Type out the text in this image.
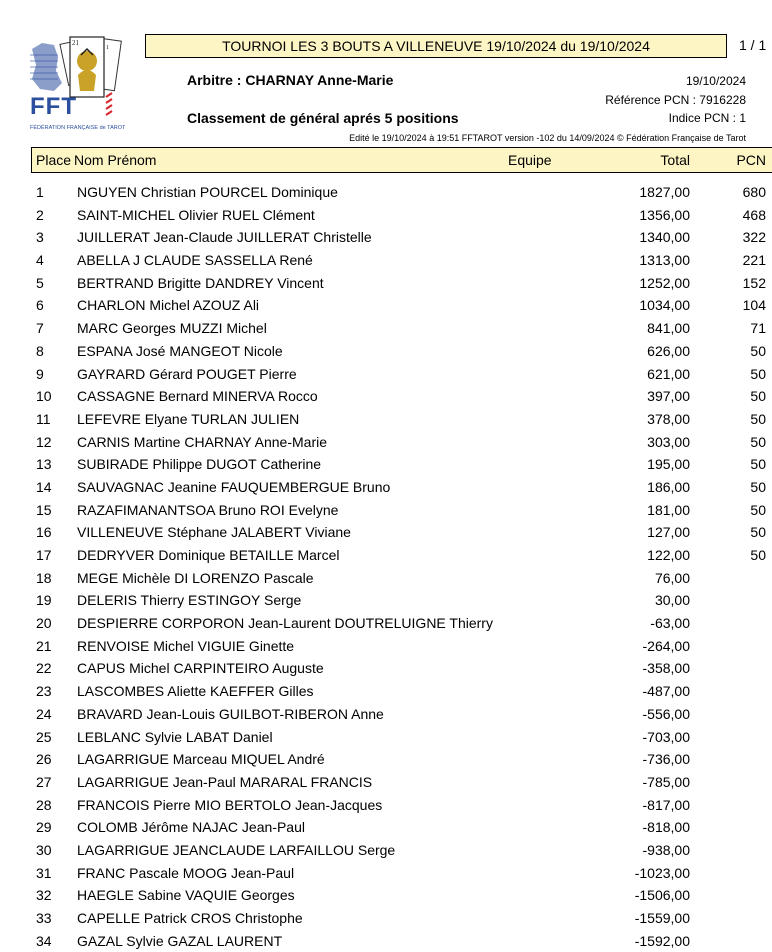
21
1
FFT
FÉDÉRATION FRANÇAISE de TAROT
TOURNOI LES 3 BOUTS A VILLENEUVE 19/10/2024 du 19/10/2024	1 / 1
Arbitre : CHARNAY Anne-Marie	19/10/2024
Référence PCN : 7916228
Classement de général aprés 5 positions	Indice PCN : 1
Edité le 19/10/2024 à 19:51 FFTAROT version -102 du 14/09/2024 © Fédération Française de Tarot
Place Nom Prénom	Equipe	Total	PCN
1 NGUYEN Christian POURCEL Dominique	1827,00	680
2 SAINT-MICHEL Olivier RUEL Clément	1356,00	468
3 JUILLERAT Jean-Claude JUILLERAT Christelle	1340,00	322
4 ABELLA J CLAUDE SASSELLA René	1313,00	221
5 BERTRAND Brigitte DANDREY Vincent	1252,00	152
6 CHARLON Michel AZOUZ Ali	1034,00	104
7 MARC Georges MUZZI Michel	841,00	71
8 ESPANA José MANGEOT Nicole	626,00	50
9 GAYRARD Gérard POUGET Pierre	621,00	50
10 CASSAGNE Bernard MINERVA Rocco	397,00	50
11 LEFEVRE Elyane TURLAN JULIEN	378,00	50
12 CARNIS Martine CHARNAY Anne-Marie	303,00	50
13 SUBIRADE Philippe DUGOT Catherine	195,00	50
14 SAUVAGNAC Jeanine FAUQUEMBERGUE Bruno	186,00	50
15 RAZAFIMANANTSOA Bruno ROI Evelyne	181,00	50
16 VILLENEUVE Stéphane JALABERT Viviane	127,00	50
17 DEDRYVER Dominique BETAILLE Marcel	122,00	50
18 MEGE Michèle DI LORENZO Pascale	76,00
19 DELERIS Thierry ESTINGOY Serge	30,00
20 DESPIERRE CORPORON Jean-Laurent DOUTRELUIGNE Thierry	-63,00
21 RENVOISE Michel VIGUIE Ginette	-264,00
22 CAPUS Michel CARPINTEIRO Auguste	-358,00
23 LASCOMBES Aliette KAEFFER Gilles	-487,00
24 BRAVARD Jean-Louis GUILBOT-RIBERON Anne	-556,00
25 LEBLANC Sylvie LABAT Daniel	-703,00
26 LAGARRIGUE Marceau MIQUEL André	-736,00
27 LAGARRIGUE Jean-Paul MARARAL FRANCIS	-785,00
28 FRANCOIS Pierre MIO BERTOLO Jean-Jacques	-817,00
29 COLOMB Jérôme NAJAC Jean-Paul	-818,00
30 LAGARRIGUE JEANCLAUDE LARFAILLOU Serge	-938,00
31 FRANC Pascale MOOG Jean-Paul	-1023,00
32 HAEGLE Sabine VAQUIE Georges	-1506,00
33 CAPELLE Patrick CROS Christophe	-1559,00
34 GAZAL Sylvie GAZAL LAURENT	-1592,00
